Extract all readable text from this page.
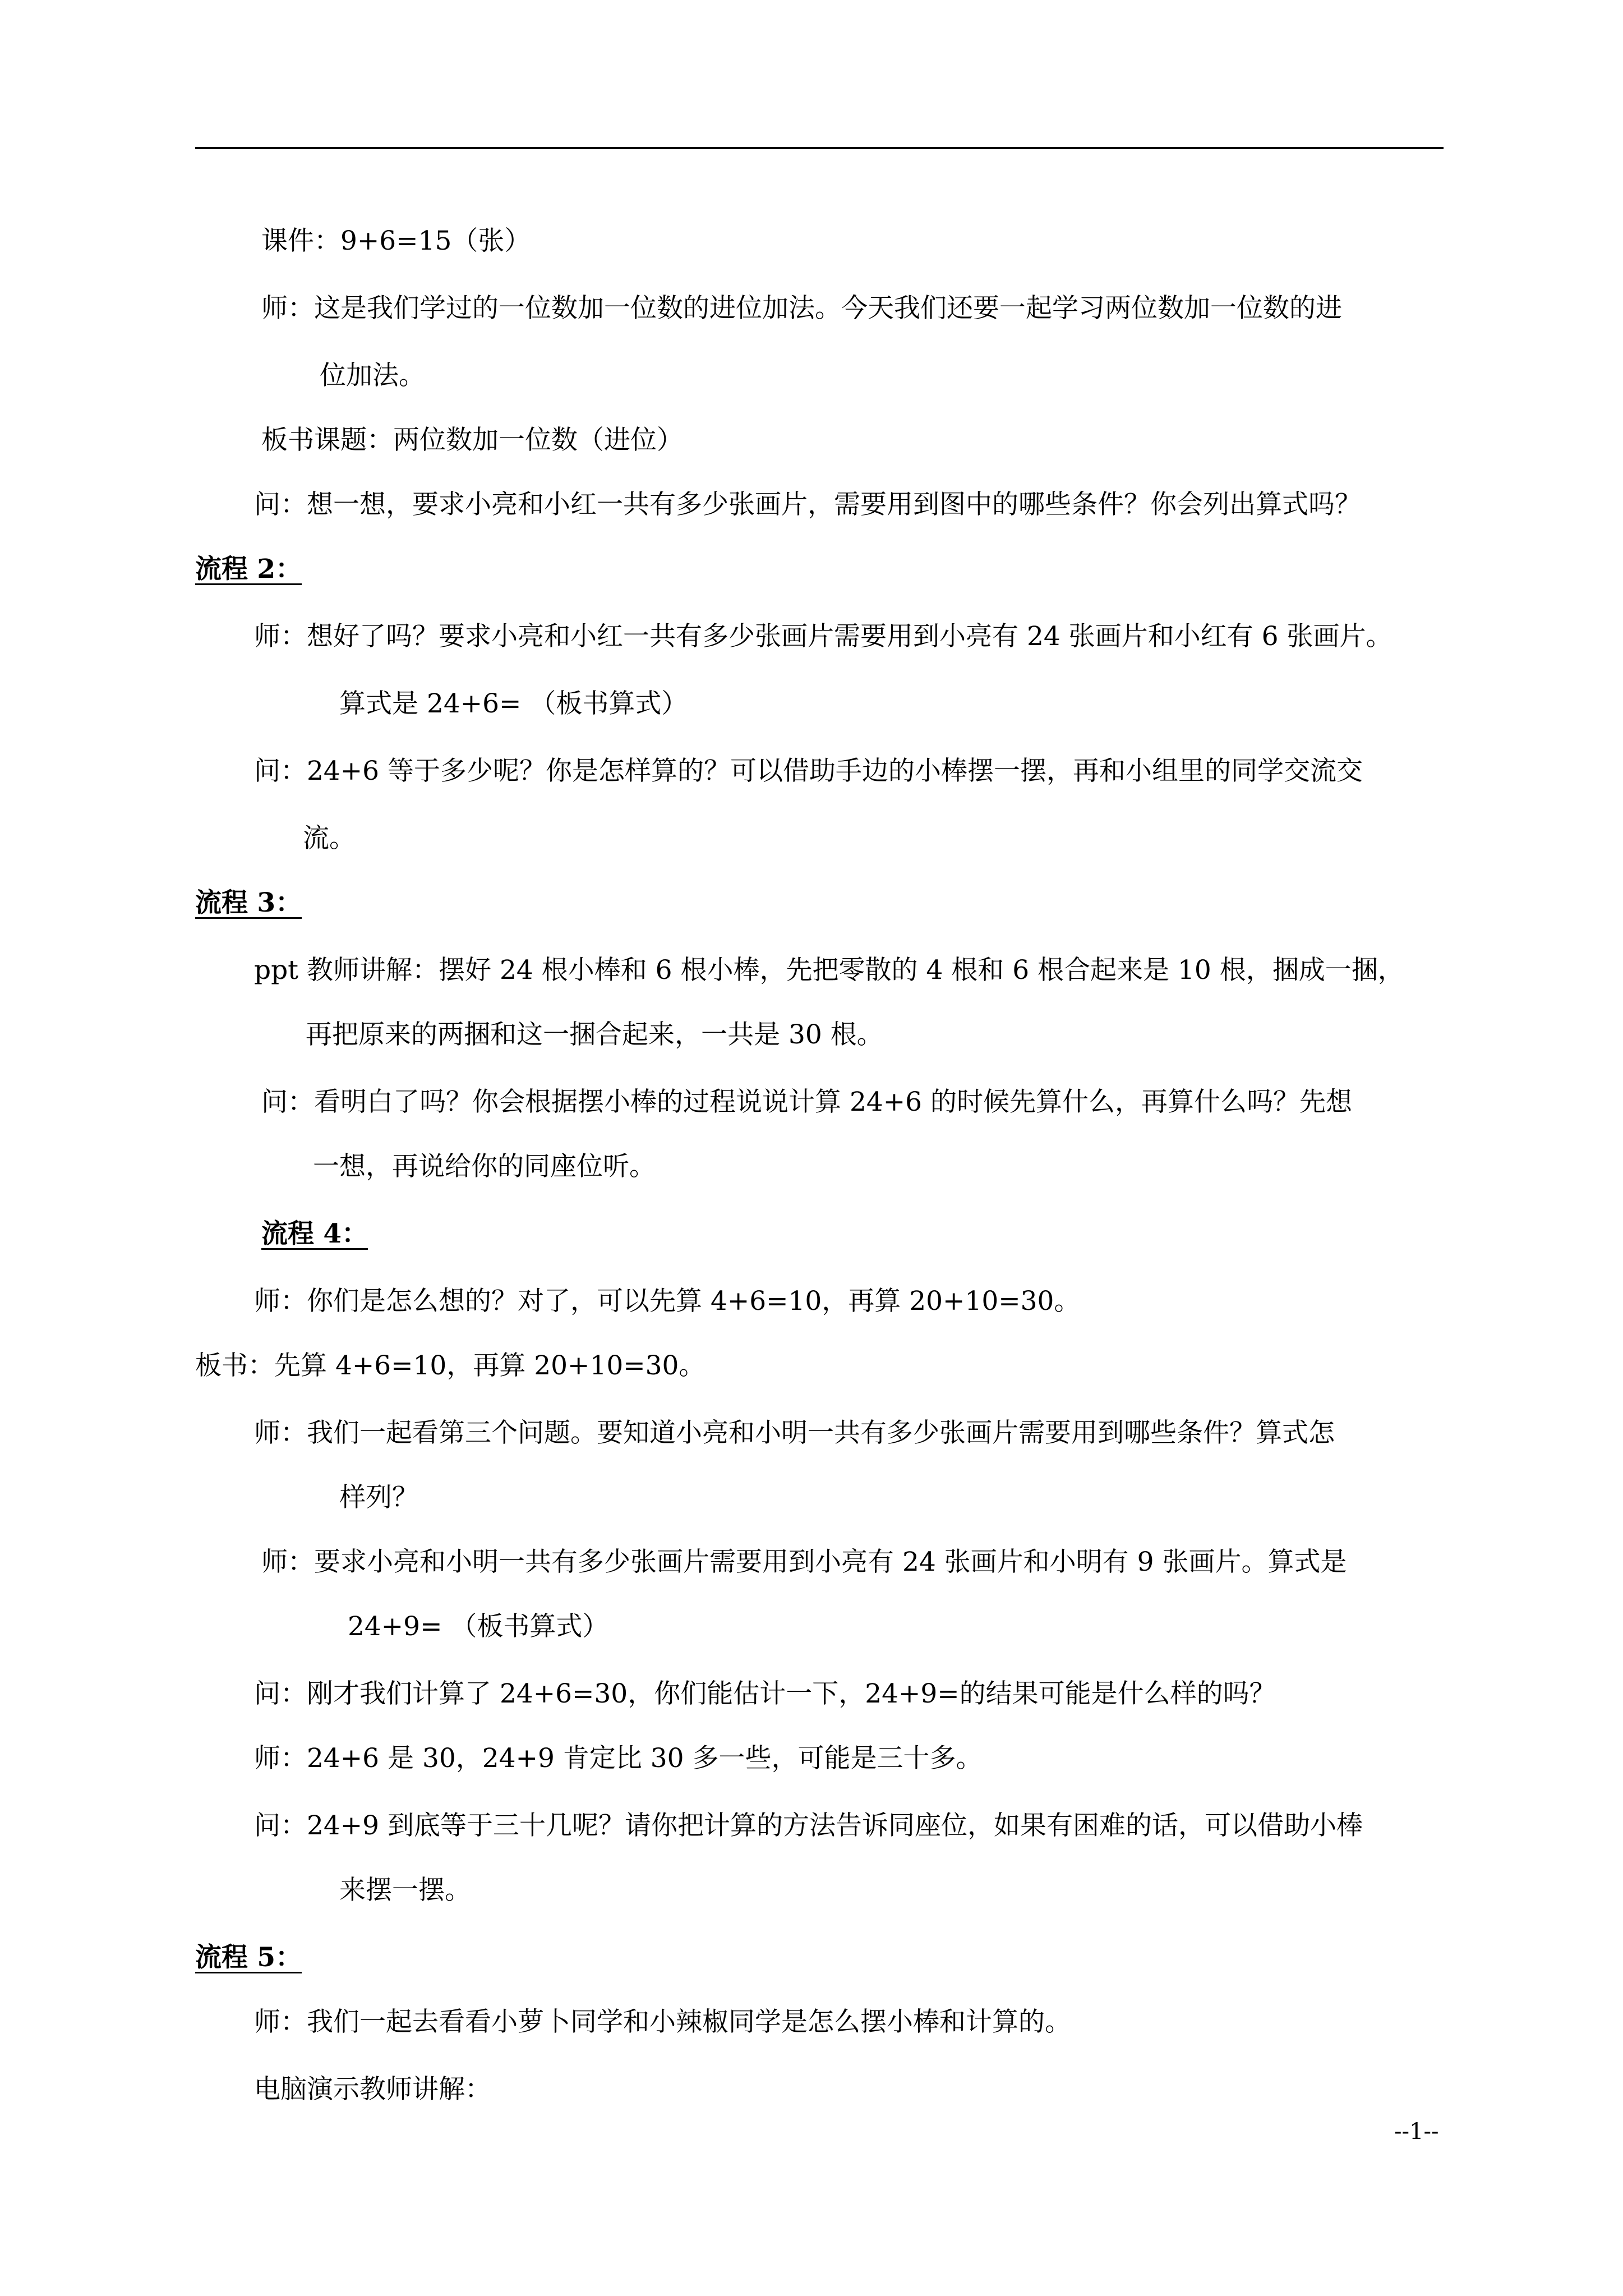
课件：9+6=15（张）

师：这是我们学过的一位数加一位数的进位加法。今天我们还要一起学习两位数加一位数的进

位加法。

板书课题：两位数加一位数（进位）

问：想一想，要求小亮和小红一共有多少张画片，需要用到图中的哪些条件？你会列出算式吗？

流程 2：

师：想好了吗？要求小亮和小红一共有多少张画片需要用到小亮有 24 张画片和小红有 6 张画片。

算式是 24+6= （板书算式）

问：24+6 等于多少呢？你是怎样算的？可以借助手边的小棒摆一摆，再和小组里的同学交流交

流。

流程 3：

ppt 教师讲解：摆好 24 根小棒和 6 根小棒，先把零散的 4 根和 6 根合起来是 10 根，捆成一捆，

再把原来的两捆和这一捆合起来，一共是 30 根。

问：看明白了吗？你会根据摆小棒的过程说说计算 24+6 的时候先算什么，再算什么吗？先想

一想，再说给你的同座位听。

流程 4：

师：你们是怎么想的？对了，可以先算 4+6=10，再算 20+10=30。

板书：先算 4+6=10，再算 20+10=30。

师：我们一起看第三个问题。要知道小亮和小明一共有多少张画片需要用到哪些条件？算式怎

样列？

师：要求小亮和小明一共有多少张画片需要用到小亮有 24 张画片和小明有 9 张画片。算式是

24+9= （板书算式）

问：刚才我们计算了 24+6=30，你们能估计一下，24+9=的结果可能是什么样的吗？

师：24+6 是 30，24+9 肯定比 30 多一些，可能是三十多。

问：24+9 到底等于三十几呢？请你把计算的方法告诉同座位，如果有困难的话，可以借助小棒

来摆一摆。

流程 5：

师：我们一起去看看小萝卜同学和小辣椒同学是怎么摆小棒和计算的。

电脑演示教师讲解：

--1--
